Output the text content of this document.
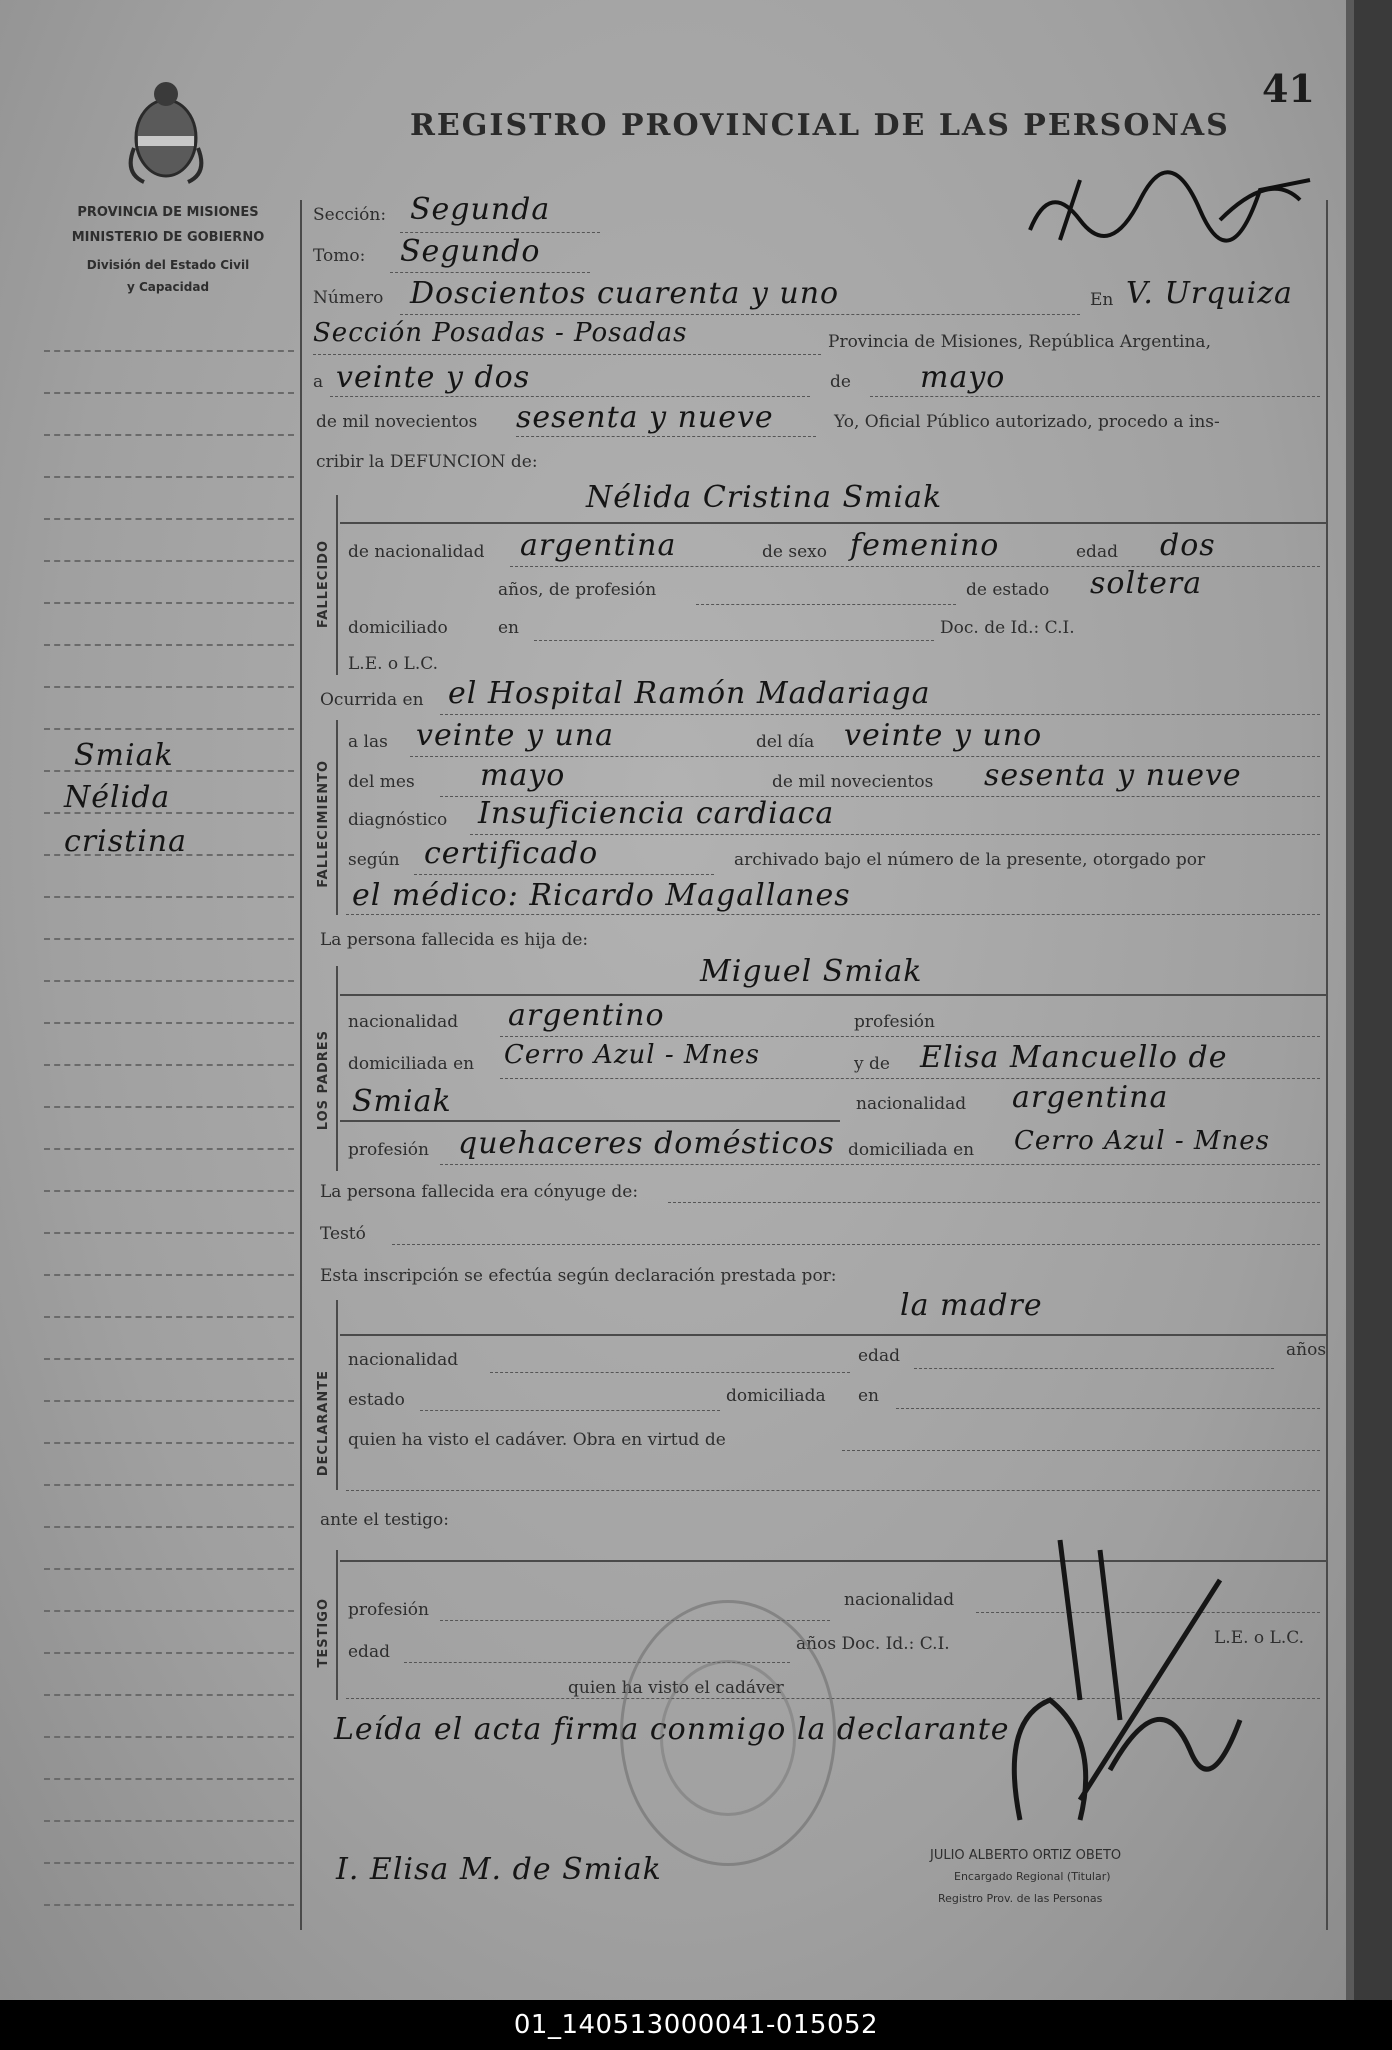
PROVINCIA DE MISIONES
MINISTERIO DE GOBIERNO
División del Estado Civil
y Capacidad
41
REGISTRO PROVINCIAL DE LAS PERSONAS
Smiak
Nélida
cristina
Sección: Segunda
Tomo: Segundo
Número Doscientos cuarenta y uno	En V. Urquiza
Sección Posadas - Posadas	Provincia de Misiones, República Argentina,
a veinte y dos	de mayo
de mil novecientos sesenta y nueve	Yo, Oficial Público autorizado, procedo a ins-
cribir la DEFUNCION de:
FALLECIDO
Nélida Cristina Smiak
de nacionalidad argentina	de sexo femenino	edad dos
años, de profesión	de estado soltera
domiciliado	en	Doc. de Id.: C.I.
L.E. o L.C.
Ocurrida en el Hospital Ramón Madariaga
FALLECIMIENTO
a las veinte y una	del día veinte y uno
del mes mayo	de mil novecientos sesenta y nueve
diagnóstico Insuficiencia cardiaca
según certificado	archivado bajo el número de la presente, otorgado por
el médico: Ricardo Magallanes
La persona fallecida es hija de:
LOS PADRES
Miguel Smiak
nacionalidad argentino	profesión
domiciliada en Cerro Azul - Mnes	y de Elisa Mancuello de
Smiak	nacionalidad argentina
profesión quehaceres domésticos domiciliada en Cerro Azul - Mnes
La persona fallecida era cónyuge de:
Testó
Esta inscripción se efectúa según declaración prestada por:
DECLARANTE
la madre
nacionalidad	edad	años
estado	domiciliada en
quien ha visto el cadáver. Obra en virtud de
ante el testigo:
TESTIGO profesión	nacionalidad
edad	años Doc. Id.: C.I.	L.E. o L.C.
quien ha visto el cadáver
Leída el acta firma conmigo la declarante
I. Elisa M. de Smiak	JULIO ALBERTO ORTIZ OBETO
Encargado Regional (Titular)
Registro Prov. de las Personas
01_140513000041-015052
